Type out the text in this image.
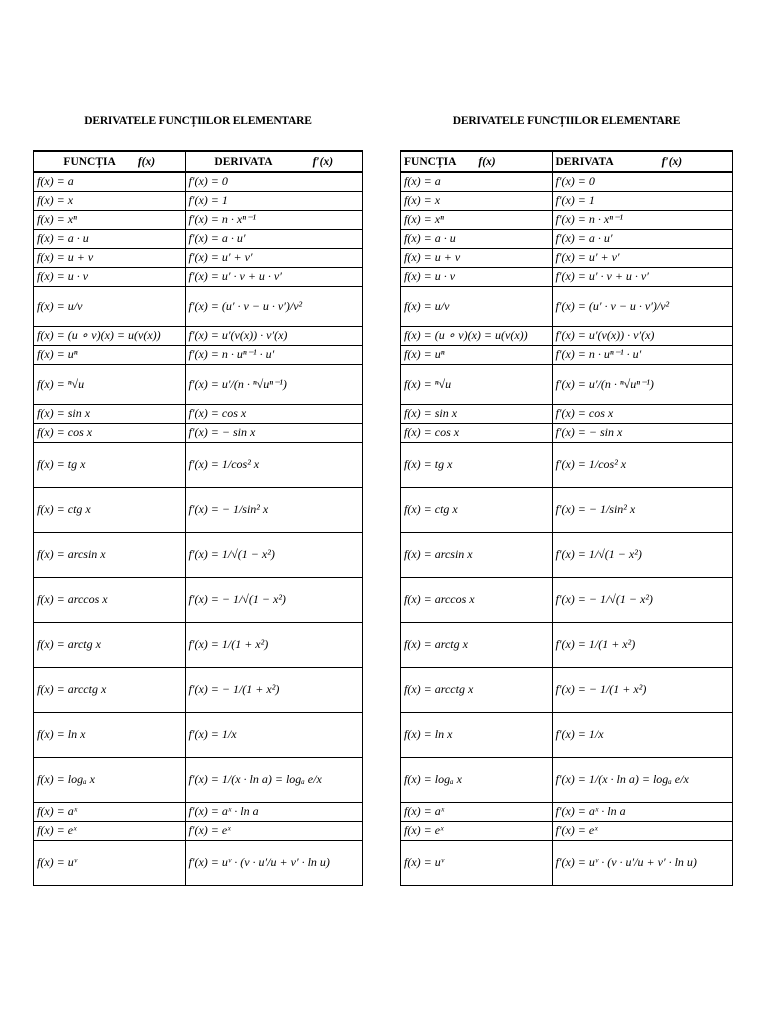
DERIVATELE FUNCȚIILOR ELEMENTARE
FUNCȚIA f(x)	DERIVATA f′(x)
f(x) = a	f′(x) = 0
f(x) = x	f′(x) = 1
f(x) = xⁿ	f′(x) = n · xⁿ⁻¹
f(x) = a · u	f′(x) = a · u′
f(x) = u + v	f′(x) = u′ + v′
f(x) = u · v	f′(x) = u′ · v + u · v′
f(x) = u/v	f′(x) = (u′ · v − u · v′)/v²
f(x) = (u ∘ v)(x) = u(v(x))	f′(x) = u′(v(x)) · v′(x)
f(x) = uⁿ	f′(x) = n · uⁿ⁻¹ · u′
f(x) = ⁿ√u	f′(x) = u′/(n · ⁿ√uⁿ⁻¹)
f(x) = sin x	f′(x) = cos x
f(x) = cos x	f′(x) = − sin x
f(x) = tg x	f′(x) = 1/cos² x
f(x) = ctg x	f′(x) = − 1/sin² x
f(x) = arcsin x	f′(x) = 1/√(1 − x²)
f(x) = arccos x	f′(x) = − 1/√(1 − x²)
f(x) = arctg x	f′(x) = 1/(1 + x²)
f(x) = arcctg x	f′(x) = − 1/(1 + x²)
f(x) = ln x	f′(x) = 1/x
f(x) = logₐ x	f′(x) = 1/(x · ln a) = logₐ e/x
f(x) = aˣ	f′(x) = aˣ · ln a
f(x) = eˣ	f′(x) = eˣ
f(x) = uᵛ	f′(x) = uᵛ · (v · u′/u + v′ · ln u)
DERIVATELE FUNCȚIILOR ELEMENTARE
FUNCȚIA f(x)	DERIVATA f′(x)
f(x) = a	f′(x) = 0
f(x) = x	f′(x) = 1
f(x) = xⁿ	f′(x) = n · xⁿ⁻¹
f(x) = a · u	f′(x) = a · u′
f(x) = u + v	f′(x) = u′ + v′
f(x) = u · v	f′(x) = u′ · v + u · v′
f(x) = u/v	f′(x) = (u′ · v − u · v′)/v²
f(x) = (u ∘ v)(x) = u(v(x))	f′(x) = u′(v(x)) · v′(x)
f(x) = uⁿ	f′(x) = n · uⁿ⁻¹ · u′
f(x) = ⁿ√u	f′(x) = u′/(n · ⁿ√uⁿ⁻¹)
f(x) = sin x	f′(x) = cos x
f(x) = cos x	f′(x) = − sin x
f(x) = tg x	f′(x) = 1/cos² x
f(x) = ctg x	f′(x) = − 1/sin² x
f(x) = arcsin x	f′(x) = 1/√(1 − x²)
f(x) = arccos x	f′(x) = − 1/√(1 − x²)
f(x) = arctg x	f′(x) = 1/(1 + x²)
f(x) = arcctg x	f′(x) = − 1/(1 + x²)
f(x) = ln x	f′(x) = 1/x
f(x) = logₐ x	f′(x) = 1/(x · ln a) = logₐ e/x
f(x) = aˣ	f′(x) = aˣ · ln a
f(x) = eˣ	f′(x) = eˣ
f(x) = uᵛ	f′(x) = uᵛ · (v · u′/u + v′ · ln u)
